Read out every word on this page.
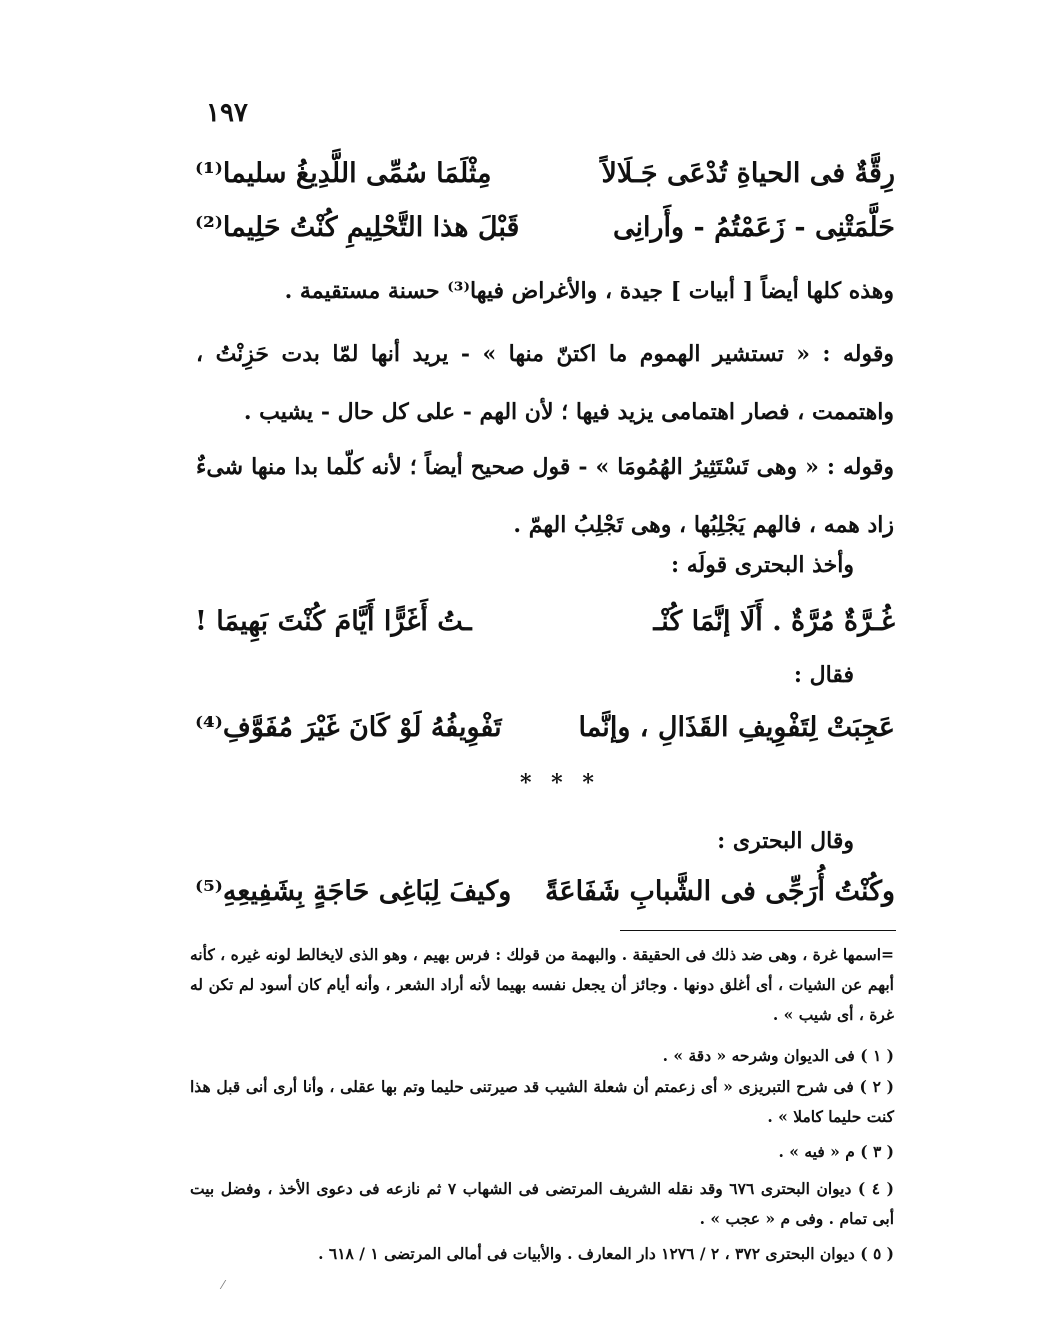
١٩٧
رِقَّةٌ فى الحياةِ تُدْعَى جَـلَالاً
مِثْلَمَا سُمِّى اللَّدِيغُ سليما⁽¹⁾
حَلَّمَتْنِى - زَعَمْتُمُ - وأَرانِى
قَبْلَ هذا التَّحْلِيمِ كُنْتُ حَلِيما⁽²⁾
وهذه كلها أيضاً [ أبيات ] جيدة ، والأغراض فيها⁽³⁾ حسنة مستقيمة .
وقوله : « تستشير الهموم ما اكتنّ منها » - يريد أنها لمّا بدت حَزِنْتُ ، واهتممت ، فصار اهتمامى يزيد فيها ؛ لأن الهم - على كل حال - يشيب .
وقوله : « وهى تَسْتَثِيرُ الهُمُومَا » - قول صحيح أيضاً ؛ لأنه كلّما بدا منها شىءٌ زاد همه ، فالهم يَجْلِبُها ، وهى تَجْلِبُ الهمّ .
وأخذ البحترى قولَه :
غُـرَّةٌ مُرَّةٌ . أَلَا إنَّمَا كُنْـ
ـتُ أَغَرًّا أَيَّامَ كُنْتَ بَهِيمَا !
فقال :
عَجِبَتْ لِتَفْوِيفِ القَذَالِ ، وإنَّما
تَفْوِيفُهُ لَوْ كَانَ غَيْرَ مُفَوَّفِ⁽⁴⁾
* * *
وقال البحترى :
وكُنْتُ أُرَجِّى فى الشَّبابِ شَفَاعَةً
وكيفَ لِبَاغِى حَاجَةٍ بِشَفِيعِهِ⁽⁵⁾
=اسمها غرة ، وهى ضد ذلك فى الحقيقة . والبهمة من قولك : فرس بهيم ، وهو الذى لايخالط لونه غيره ، كأنه أبهم عن الشيات ، أى أغلق دونها . وجائز أن يجعل نفسه بهيما لأنه أراد الشعر ، وأنه أيام كان أسود لم تكن له غرة ، أى شيب » .
( ١ ) فى الديوان وشرحه « دقة » .
( ٢ ) فى شرح التبريزى « أى زعمتم أن شعلة الشيب قد صيرتنى حليما وتم بها عقلى ، وأنا أرى أنى قبل هذا كنت حليما كاملا » .
( ٣ ) م « فيه » .
( ٤ ) ديوان البحترى ٦٧٦ وقد نقله الشريف المرتضى فى الشهاب ٧ ثم نازعه فى دعوى الأخذ ، وفضل بيت أبى تمام . وفى م « عجب » .
( ٥ ) ديوان البحترى ٣٧٢ ، ٢ / ١٢٧٦ دار المعارف . والأبيات فى أمالى المرتضى ١ / ٦١٨ .
⁄
